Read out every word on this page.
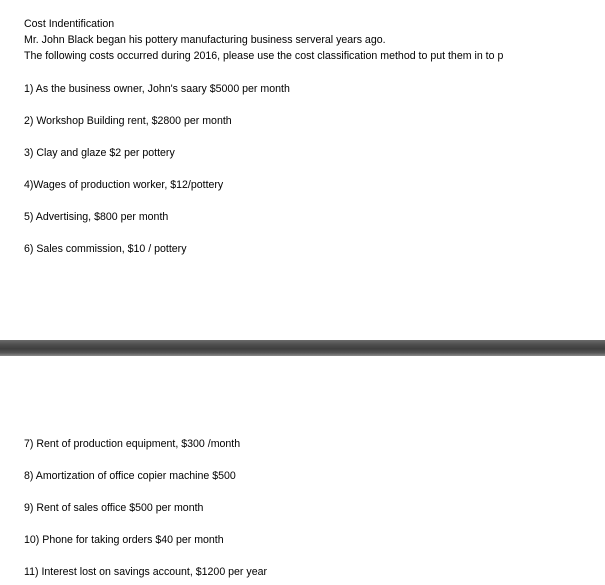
Cost Indentification
Mr. John Black began his pottery manufacturing business serveral years ago.
The following costs occurred during 2016, please use the cost classification method to put them in to p
1) As the business owner, John's saary $5000 per month
2) Workshop Building rent, $2800 per month
3) Clay and glaze $2 per pottery
4)Wages of production worker, $12/pottery
5) Advertising, $800 per month
6) Sales commission, $10 / pottery
7) Rent of production equipment, $300 /month
8) Amortization of office copier machine $500
9) Rent of sales office $500 per month
10) Phone for taking orders $40 per month
11) Interest lost on savings account, $1200 per year
